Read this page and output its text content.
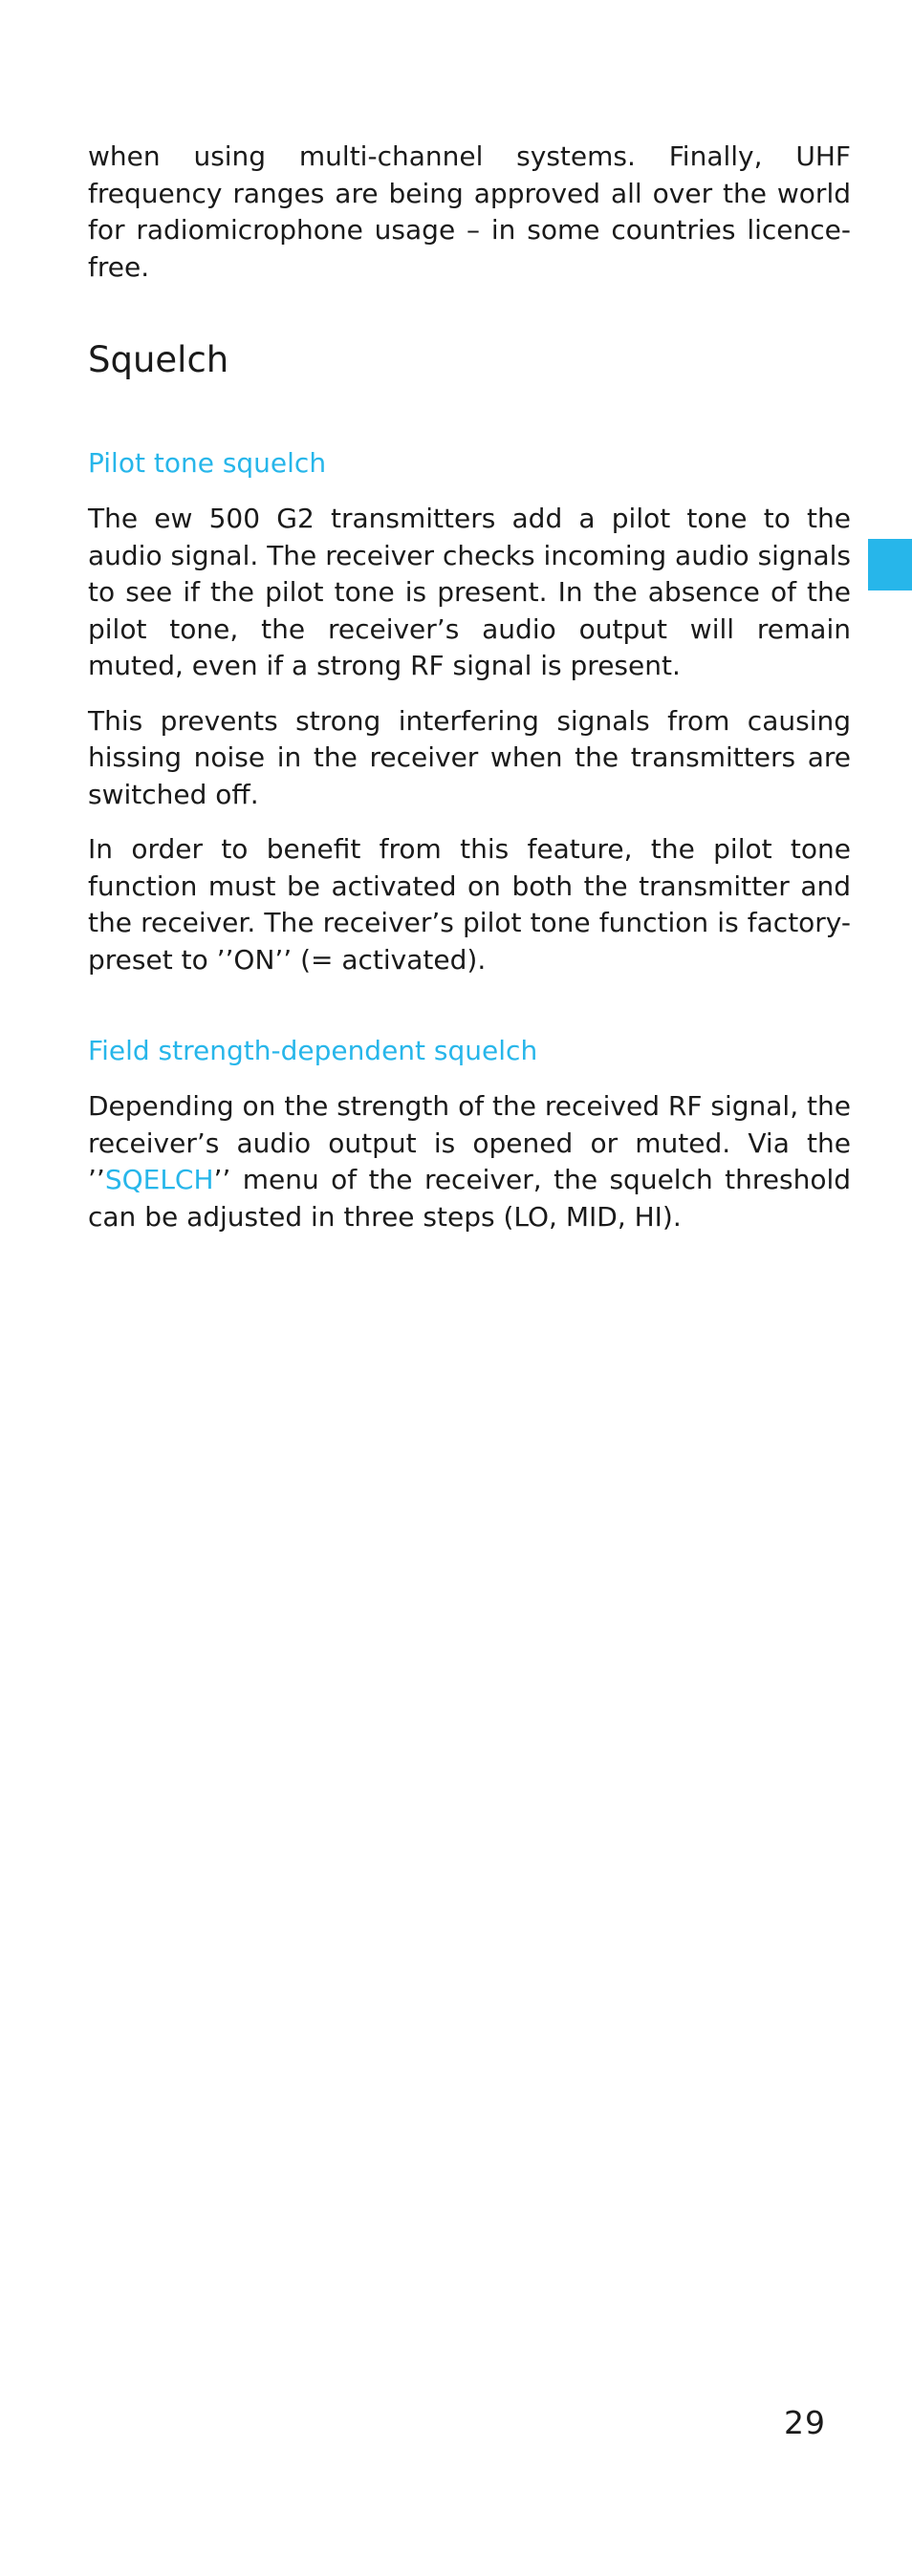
when using multi-channel systems. Finally, UHF frequency ranges are being approved all over the world for radiomicrophone usage – in some countries licence-free.

Squelch
Pilot tone squelch

The ew 500 G2 transmitters add a pilot tone to the audio signal. The receiver checks incoming audio signals to see if the pilot tone is present. In the absence of the pilot tone, the receiver’s audio output will remain muted, even if a strong RF signal is present.

This prevents strong interfering signals from causing hissing noise in the receiver when the transmitters are switched off.

In order to benefit from this feature, the pilot tone function must be activated on both the transmitter and the receiver. The receiver’s pilot tone function is factory-preset to ’’ON’’ (= activated).

Field strength-dependent squelch

Depending on the strength of the received RF signal, the receiver’s audio output is opened or muted. Via the ’’SQELCH’’ menu of the receiver, the squelch threshold can be adjusted in three steps (LO, MID, HI).

29
